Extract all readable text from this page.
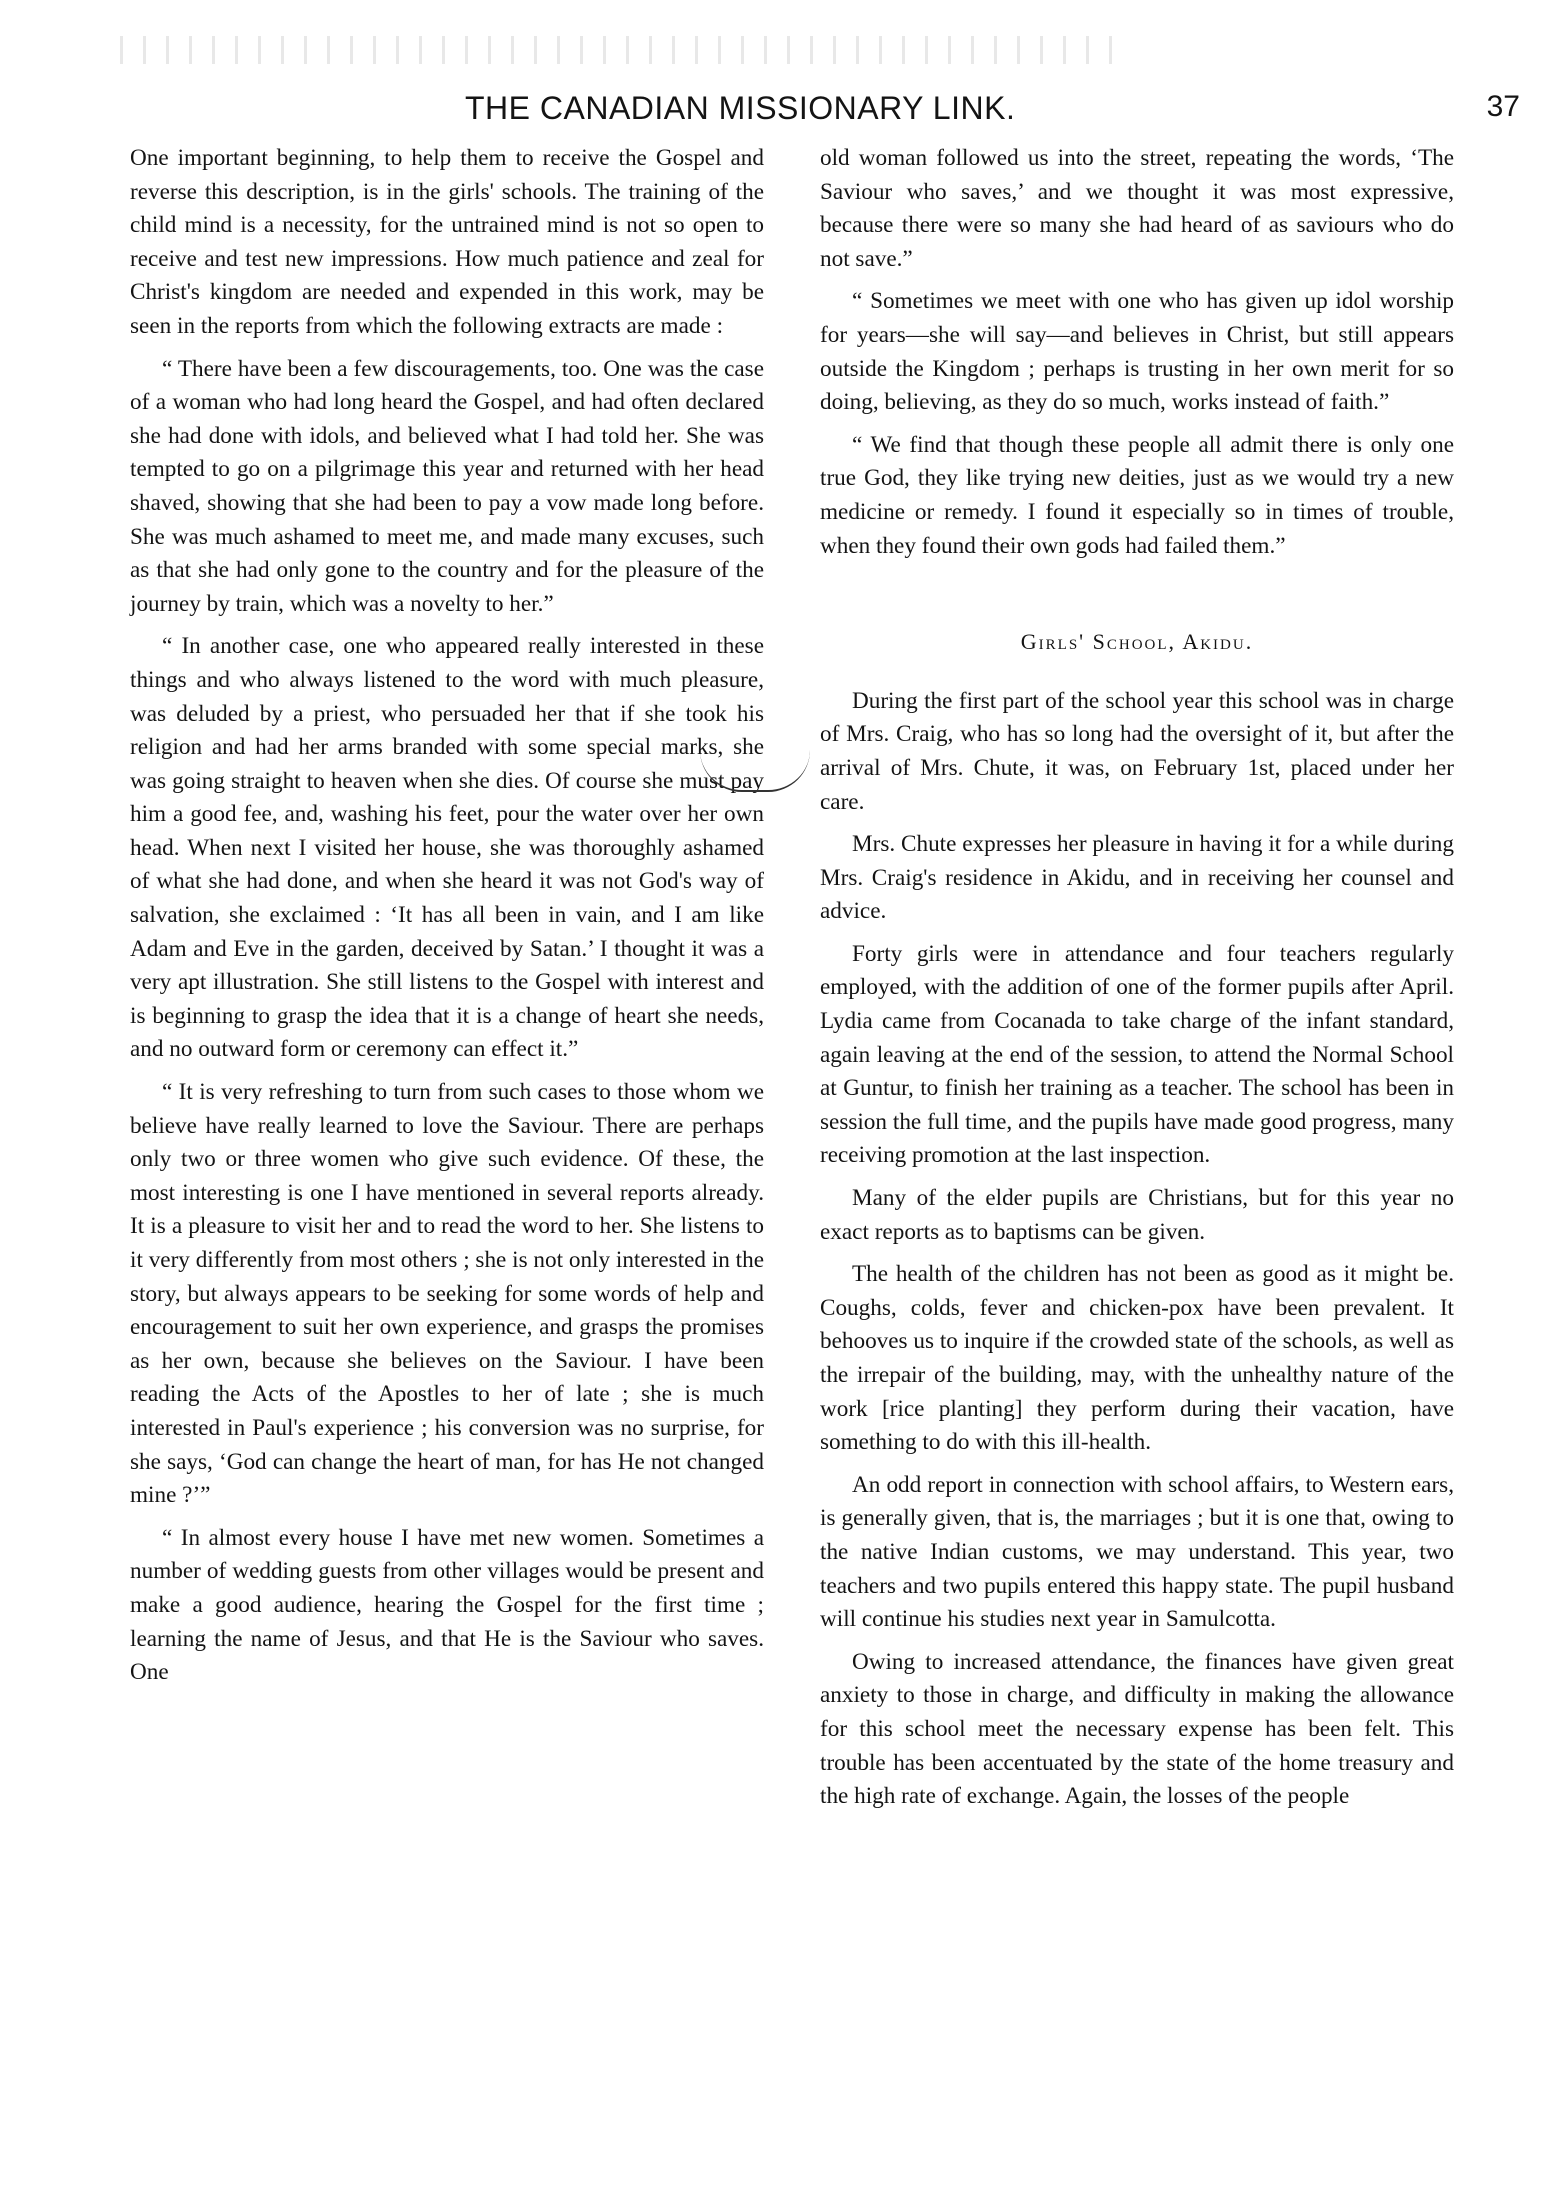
THE CANADIAN MISSIONARY LINK.	37

One important beginning, to help them to receive the Gospel and reverse this description, is in the girls' schools. The training of the child mind is a necessity, for the untrained mind is not so open to receive and test new impressions. How much patience and zeal for Christ's kingdom are needed and expended in this work, may be seen in the reports from which the following extracts are made :

“ There have been a few discouragements, too. One was the case of a woman who had long heard the Gospel, and had often declared she had done with idols, and believed what I had told her. She was tempted to go on a pilgrimage this year and returned with her head shaved, showing that she had been to pay a vow made long before. She was much ashamed to meet me, and made many excuses, such as that she had only gone to the country and for the pleasure of the journey by train, which was a novelty to her.”

“ In another case, one who appeared really interested in these things and who always listened to the word with much pleasure, was deluded by a priest, who persuaded her that if she took his religion and had her arms branded with some special marks, she was going straight to heaven when she dies. Of course she must pay him a good fee, and, washing his feet, pour the water over her own head. When next I visited her house, she was thoroughly ashamed of what she had done, and when she heard it was not God's way of salvation, she exclaimed : ‘It has all been in vain, and I am like Adam and Eve in the garden, deceived by Satan.’ I thought it was a very apt illustration. She still listens to the Gospel with interest and is beginning to grasp the idea that it is a change of heart she needs, and no outward form or ceremony can effect it.”

“ It is very refreshing to turn from such cases to those whom we believe have really learned to love the Saviour. There are perhaps only two or three women who give such evidence. Of these, the most interesting is one I have mentioned in several reports already. It is a pleasure to visit her and to read the word to her. She listens to it very differently from most others ; she is not only interested in the story, but always appears to be seeking for some words of help and encouragement to suit her own experience, and grasps the promises as her own, because she believes on the Saviour. I have been reading the Acts of the Apostles to her of late ; she is much interested in Paul's experience ; his conversion was no surprise, for she says, ‘God can change the heart of man, for has He not changed mine ?’”

“ In almost every house I have met new women. Sometimes a number of wedding guests from other villages would be present and make a good audience, hearing the Gospel for the first time ; learning the name of Jesus, and that He is the Saviour who saves. One

old woman followed us into the street, repeating the words, ‘The Saviour who saves,’ and we thought it was most expressive, because there were so many she had heard of as saviours who do not save.”

“ Sometimes we meet with one who has given up idol worship for years—she will say—and believes in Christ, but still appears outside the Kingdom ; perhaps is trusting in her own merit for so doing, believing, as they do so much, works instead of faith.”

“ We find that though these people all admit there is only one true God, they like trying new deities, just as we would try a new medicine or remedy. I found it especially so in times of trouble, when they found their own gods had failed them.”

Girls' School, Akidu.

During the first part of the school year this school was in charge of Mrs. Craig, who has so long had the oversight of it, but after the arrival of Mrs. Chute, it was, on February 1st, placed under her care.

Mrs. Chute expresses her pleasure in having it for a while during Mrs. Craig's residence in Akidu, and in receiving her counsel and advice.

Forty girls were in attendance and four teachers regularly employed, with the addition of one of the former pupils after April. Lydia came from Cocanada to take charge of the infant standard, again leaving at the end of the session, to attend the Normal School at Guntur, to finish her training as a teacher. The school has been in session the full time, and the pupils have made good progress, many receiving promotion at the last inspection.

Many of the elder pupils are Christians, but for this year no exact reports as to baptisms can be given.

The health of the children has not been as good as it might be. Coughs, colds, fever and chicken-pox have been prevalent. It behooves us to inquire if the crowded state of the schools, as well as the irrepair of the building, may, with the unhealthy nature of the work [rice planting] they perform during their vacation, have something to do with this ill-health.

An odd report in connection with school affairs, to Western ears, is generally given, that is, the marriages ; but it is one that, owing to the native Indian customs, we may understand. This year, two teachers and two pupils entered this happy state. The pupil husband will continue his studies next year in Samulcotta.

Owing to increased attendance, the finances have given great anxiety to those in charge, and difficulty in making the allowance for this school meet the necessary expense has been felt. This trouble has been accentuated by the state of the home treasury and the high rate of exchange. Again, the losses of the people
